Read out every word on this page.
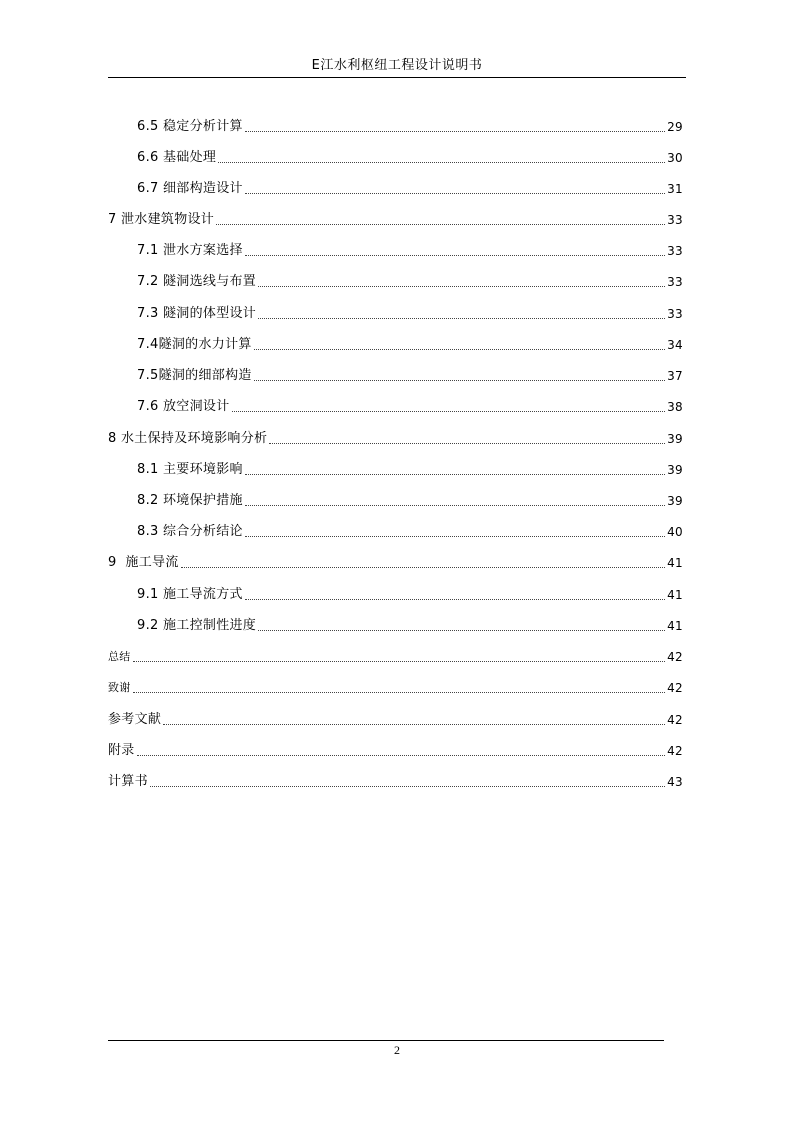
E江水利枢纽工程设计说明书
6.5 稳定分析计算	29
6.6 基础处理	30
6.7 细部构造设计	31
7 泄水建筑物设计	33
7.1 泄水方案选择	33
7.2 隧洞选线与布置	33
7.3 隧洞的体型设计	33
7.4隧洞的水力计算	34
7.5隧洞的细部构造	37
7.6 放空洞设计	38
8 水土保持及环境影响分析	39
8.1 主要环境影响	39
8.2 环境保护措施	39
8.3 综合分析结论	40
9  施工导流	41
9.1 施工导流方式	41
9.2 施工控制性进度	41
总结	42
致谢	42
参考文献	42
附录	42
计算书	43
2
